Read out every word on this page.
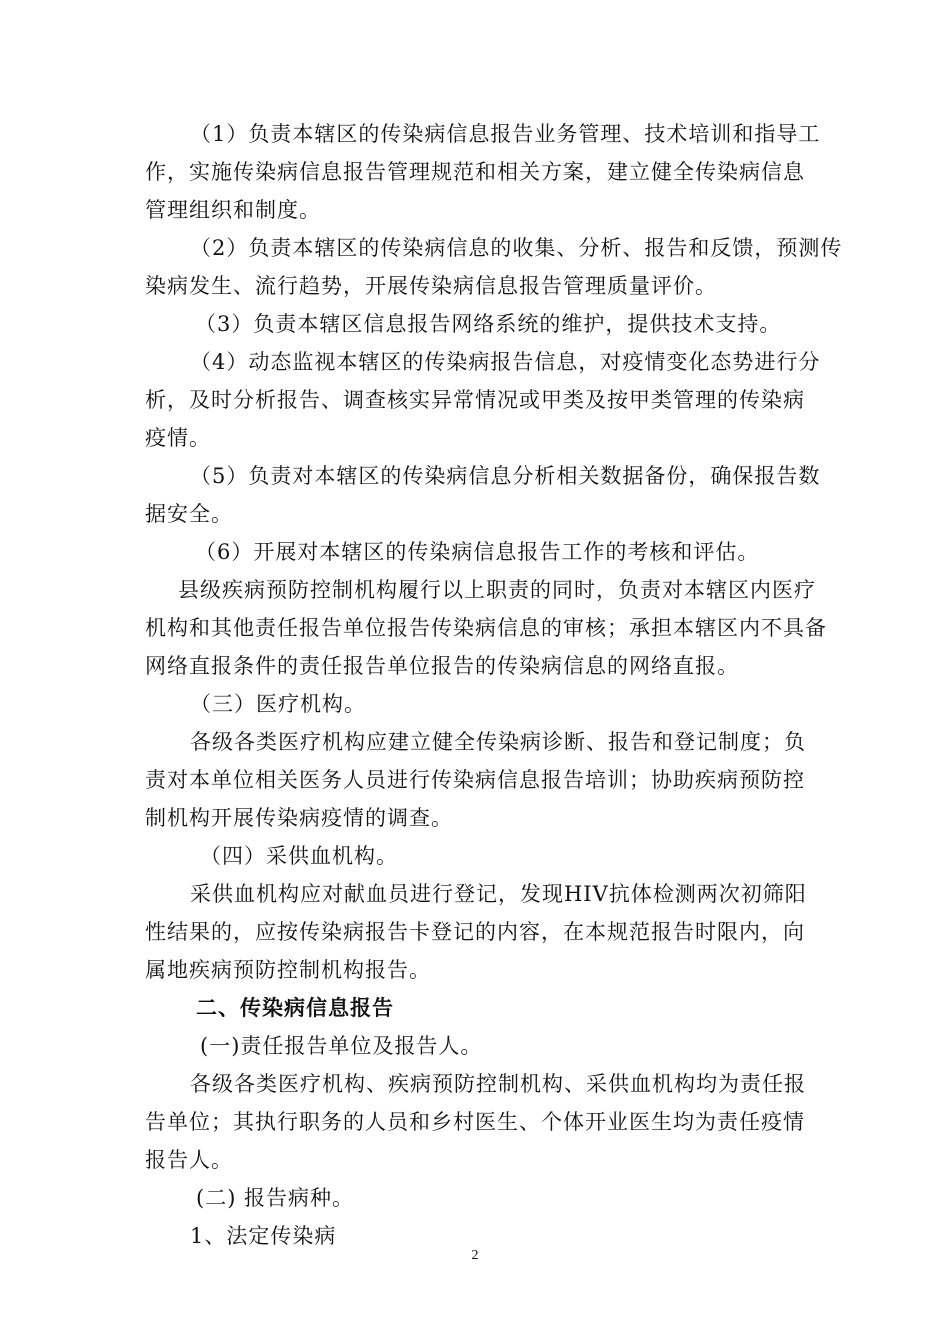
（1）负责本辖区的传染病信息报告业务管理、技术培训和指导工
作，实施传染病信息报告管理规范和相关方案，建立健全传染病信息
管理组织和制度。
（2）负责本辖区的传染病信息的收集、分析、报告和反馈，预测传
染病发生、流行趋势，开展传染病信息报告管理质量评价。
（3）负责本辖区信息报告网络系统的维护，提供技术支持。
（4）动态监视本辖区的传染病报告信息，对疫情变化态势进行分
析，及时分析报告、调查核实异常情况或甲类及按甲类管理的传染病
疫情。
（5）负责对本辖区的传染病信息分析相关数据备份，确保报告数
据安全。
（6）开展对本辖区的传染病信息报告工作的考核和评估。
县级疾病预防控制机构履行以上职责的同时，负责对本辖区内医疗
机构和其他责任报告单位报告传染病信息的审核；承担本辖区内不具备
网络直报条件的责任报告单位报告的传染病信息的网络直报。
（三）医疗机构。
各级各类医疗机构应建立健全传染病诊断、报告和登记制度；负
责对本单位相关医务人员进行传染病信息报告培训；协助疾病预防控
制机构开展传染病疫情的调查。
（四）采供血机构。
采供血机构应对献血员进行登记，发现HIV抗体检测两次初筛阳
性结果的，应按传染病报告卡登记的内容，在本规范报告时限内，向
属地疾病预防控制机构报告。
二、传染病信息报告
(一)责任报告单位及报告人。
各级各类医疗机构、疾病预防控制机构、采供血机构均为责任报
告单位；其执行职务的人员和乡村医生、个体开业医生均为责任疫情
报告人。
(二) 报告病种。
1、法定传染病
2
